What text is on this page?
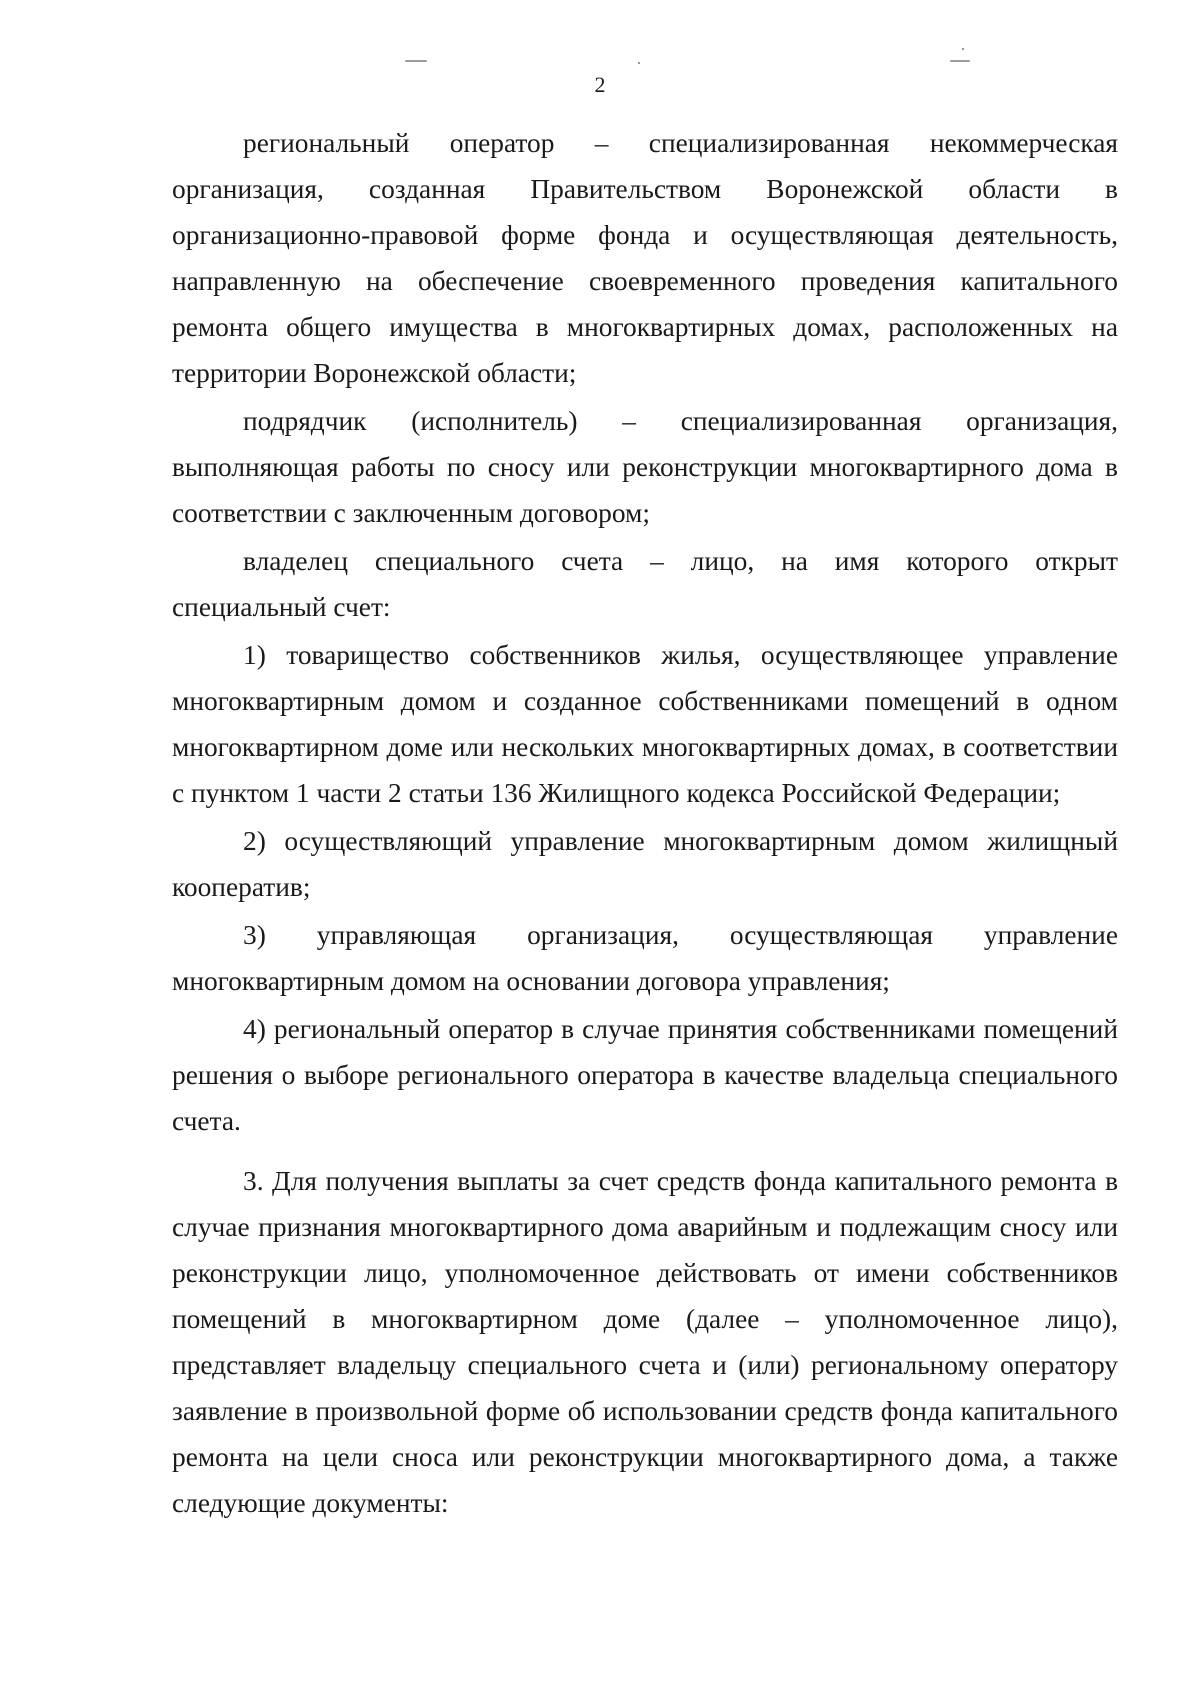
2

региональный оператор – специализированная некоммерческая организация, созданная Правительством Воронежской области в организационно-правовой форме фонда и осуществляющая деятельность, направленную на обеспечение своевременного проведения капитального ремонта общего имущества в многоквартирных домах, расположенных на территории Воронежской области;

подрядчик (исполнитель) – специализированная организация, выполняющая работы по сносу или реконструкции многоквартирного дома в соответствии с заключенным договором;

владелец специального счета – лицо, на имя которого открыт специальный счет:

1) товарищество собственников жилья, осуществляющее управление многоквартирным домом и созданное собственниками помещений в одном многоквартирном доме или нескольких многоквартирных домах, в соответствии с пунктом 1 части 2 статьи 136 Жилищного кодекса Российской Федерации;

2) осуществляющий управление многоквартирным домом жилищный кооператив;

3) управляющая организация, осуществляющая управление многоквартирным домом на основании договора управления;

4) региональный оператор в случае принятия собственниками помещений решения о выборе регионального оператора в качестве владельца специального счета.

3. Для получения выплаты за счет средств фонда капитального ремонта в случае признания многоквартирного дома аварийным и подлежащим сносу или реконструкции лицо, уполномоченное действовать от имени собственников помещений в многоквартирном доме (далее – уполномоченное лицо), представляет владельцу специального счета и (или) региональному оператору заявление в произвольной форме об использовании средств фонда капитального ремонта на цели сноса или реконструкции многоквартирного дома, а также следующие документы:
